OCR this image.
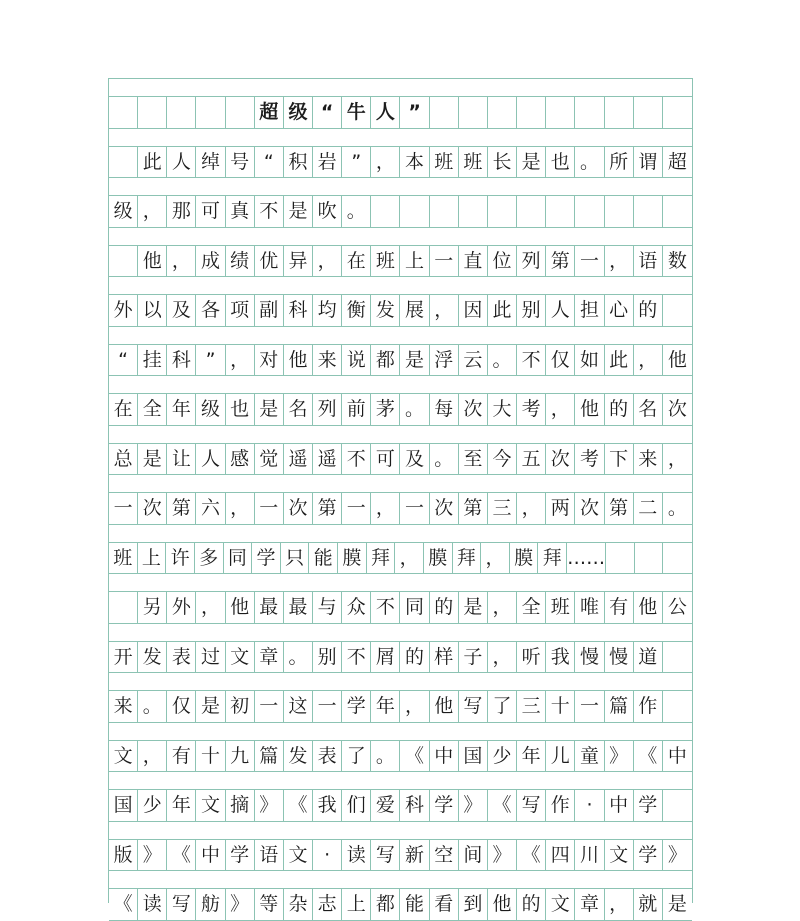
超 级 “ 牛 人 ”
此 人 绰 号 “ 积 岩 ” ， 本 班 班 长 是 也 。 所 谓 超
级 ， 那 可 真 不 是 吹 。
他 ， 成 绩 优 异 ， 在 班 上 一 直 位 列 第 一 ， 语 数
外 以 及 各 项 副 科 均 衡 发 展 ， 因 此 别 人 担 心 的
“ 挂 科 ” ， 对 他 来 说 都 是 浮 云 。 不 仅 如 此 ， 他
在 全 年 级 也 是 名 列 前 茅 。 每 次 大 考 ， 他 的 名 次
总 是 让 人 感 觉 遥 遥 不 可 及 。 至 今 五 次 考 下 来 ，
一 次 第 六 ， 一 次 第 一 ， 一 次 第 三 ， 两 次 第 二 。
班 上 许 多 同 学 只 能 膜 拜 ， 膜 拜 ， 膜 拜 ……
另 外 ， 他 最 最 与 众 不 同 的 是 ， 全 班 唯 有 他 公
开 发 表 过 文 章 。 别 不 屑 的 样 子 ， 听 我 慢 慢 道
来 。 仅 是 初 一 这 一 学 年 ， 他 写 了 三 十 一 篇 作
文 ， 有 十 九 篇 发 表 了 。 《 中 国 少 年 儿 童 》 《 中
国 少 年 文 摘 》 《 我 们 爱 科 学 》 《 写 作 · 中 学
版 》 《 中 学 语 文 · 读 写 新 空 间 》 《 四 川 文 学 》
《 读 写 舫 》 等 杂 志 上 都 能 看 到 他 的 文 章 ， 就 是
